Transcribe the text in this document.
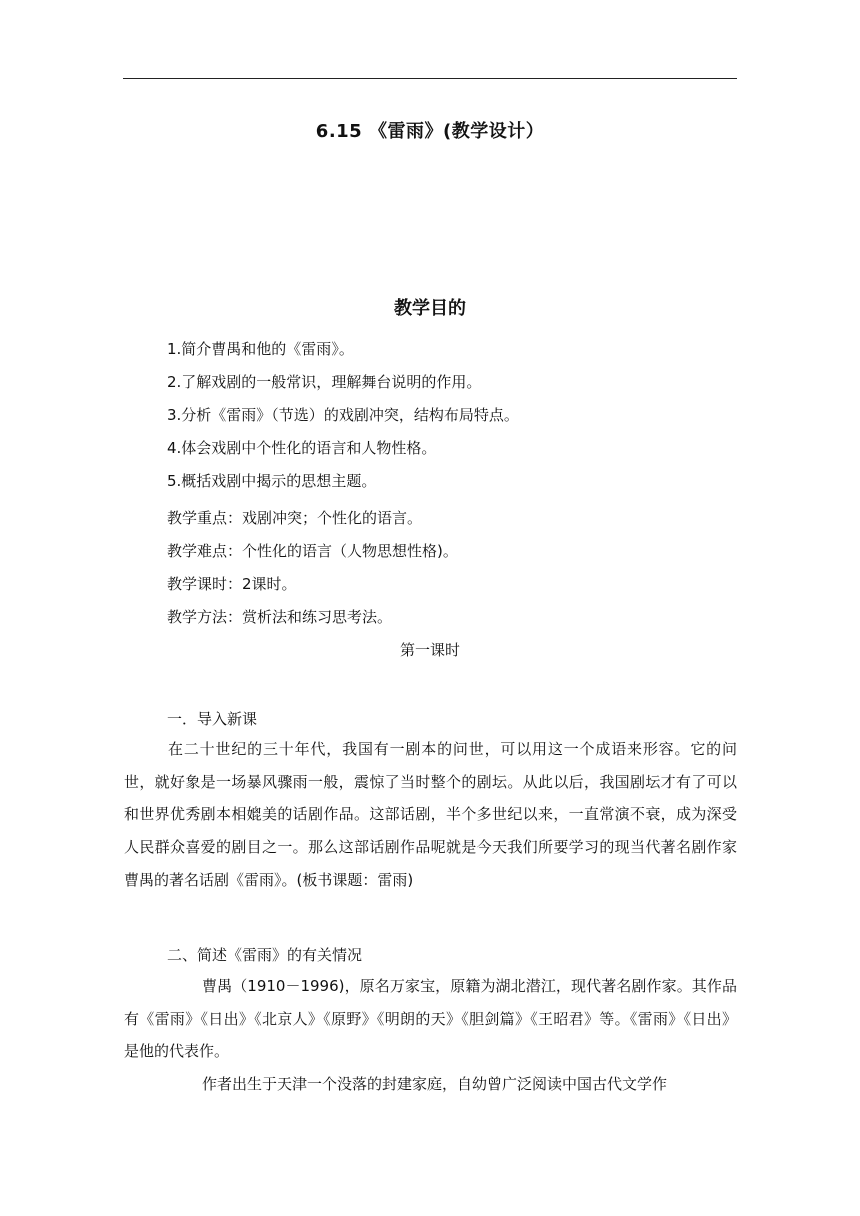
6.15 《雷雨》(教学设计）
教学目的
1.简介曹禺和他的《雷雨》。
2.了解戏剧的一般常识，理解舞台说明的作用。
3.分析《雷雨》（节选）的戏剧冲突，结构布局特点。
4.体会戏剧中个性化的语言和人物性格。
5.概括戏剧中揭示的思想主题。
教学重点：戏剧冲突；个性化的语言。
教学难点：个性化的语言（人物思想性格)。
教学课时：2课时。
教学方法：赏析法和练习思考法。
第一课时
一．导入新课
在二十世纪的三十年代，我国有一剧本的问世，可以用这一个成语来形容。它的问世，就好象是一场暴风骤雨一般，震惊了当时整个的剧坛。从此以后，我国剧坛才有了可以和世界优秀剧本相媲美的话剧作品。这部话剧，半个多世纪以来，一直常演不衰，成为深受人民群众喜爱的剧目之一。那么这部话剧作品呢就是今天我们所要学习的现当代著名剧作家曹禺的著名话剧《雷雨》。(板书课题：雷雨)
二、简述《雷雨》的有关情况
曹禺（1910－1996)，原名万家宝，原籍为湖北潜江，现代著名剧作家。其作品有《雷雨》《日出》《北京人》《原野》《明朗的天》《胆剑篇》《王昭君》等。《雷雨》《日出》是他的代表作。
作者出生于天津一个没落的封建家庭，自幼曾广泛阅读中国古代文学作
